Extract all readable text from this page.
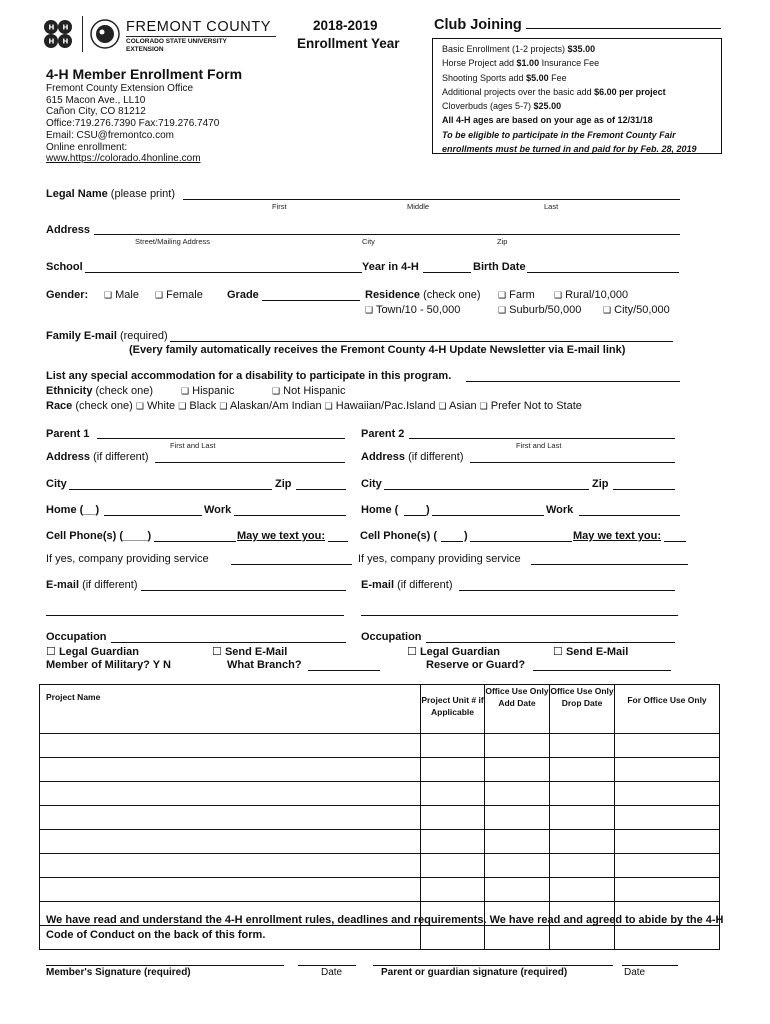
H H
H H
FREMONT COUNTY
COLORADO STATE UNIVERSITY
EXTENSION
2018-2019
Enrollment Year
Club Joining
Basic Enrollment (1-2 projects) $35.00
Horse Project add $1.00 Insurance Fee
Shooting Sports add $5.00 Fee
Additional projects over the basic add $6.00 per project
Cloverbuds (ages 5-7) $25.00
All 4-H ages are based on your age as of 12/31/18
To be eligible to participate in the Fremont County Fair
enrollments must be turned in and paid for by Feb. 28, 2019
4-H Member Enrollment Form
Fremont County Extension Office
615 Macon Ave., LL10
Cañon City, CO 81212
Office:719.276.7390 Fax:719.276.7470
Email: CSU@fremontco.com
Online enrollment:
www.https://colorado.4honline.com
Legal Name (please print)
First	Middle	Last
Address
Street/Mailing Address	City	Zip
School	Year in 4-H	Birth Date
Gender: ❑ Male ❑ Female Grade	Residence (check one) ❑ Farm ❑ Rural/10,000
❑ Town/10 - 50,000	❑ Suburb/50,000 ❑ City/50,000
Family E-mail (required)
(Every family automatically receives the Fremont County 4-H Update Newsletter via E-mail link)
List any special accommodation for a disability to participate in this program.
Ethnicity (check one)	❑ Hispanic	❑ Not Hispanic
Race (check one) ❑ White ❑ Black ❑ Alaskan/Am Indian ❑ Hawaiian/Pac.Island ❑ Asian ❑ Prefer Not to State
Parent 1
First and Last
Address (if different)
City	Zip
Home (__)	Work
Cell Phone(s) (____)	May we text you:
If yes, company providing service
E-mail (if different)
Occupation
☐ Legal Guardian	☐ Send E-Mail
Member of Military? Y N	What Branch?
Parent 2
First and Last
Address (if different)
City	Zip
Home (	)	Work
Cell Phone(s) ( )	May we text you:
If yes, company providing service
E-mail (if different)
Occupation
☐ Legal Guardian	☐ Send E-Mail
Reserve or Guard?
Project Name	Project Unit # if Applicable	Office Use Only Add Date	Office Use Only Drop Date	For Office Use Only

We have read and understand the 4-H enrollment rules, deadlines and requirements. We have read and agreed to abide by the 4-H Code of Conduct on the back of this form.
Member's Signature (required)	Date	Parent or guardian signature (required)	Date
